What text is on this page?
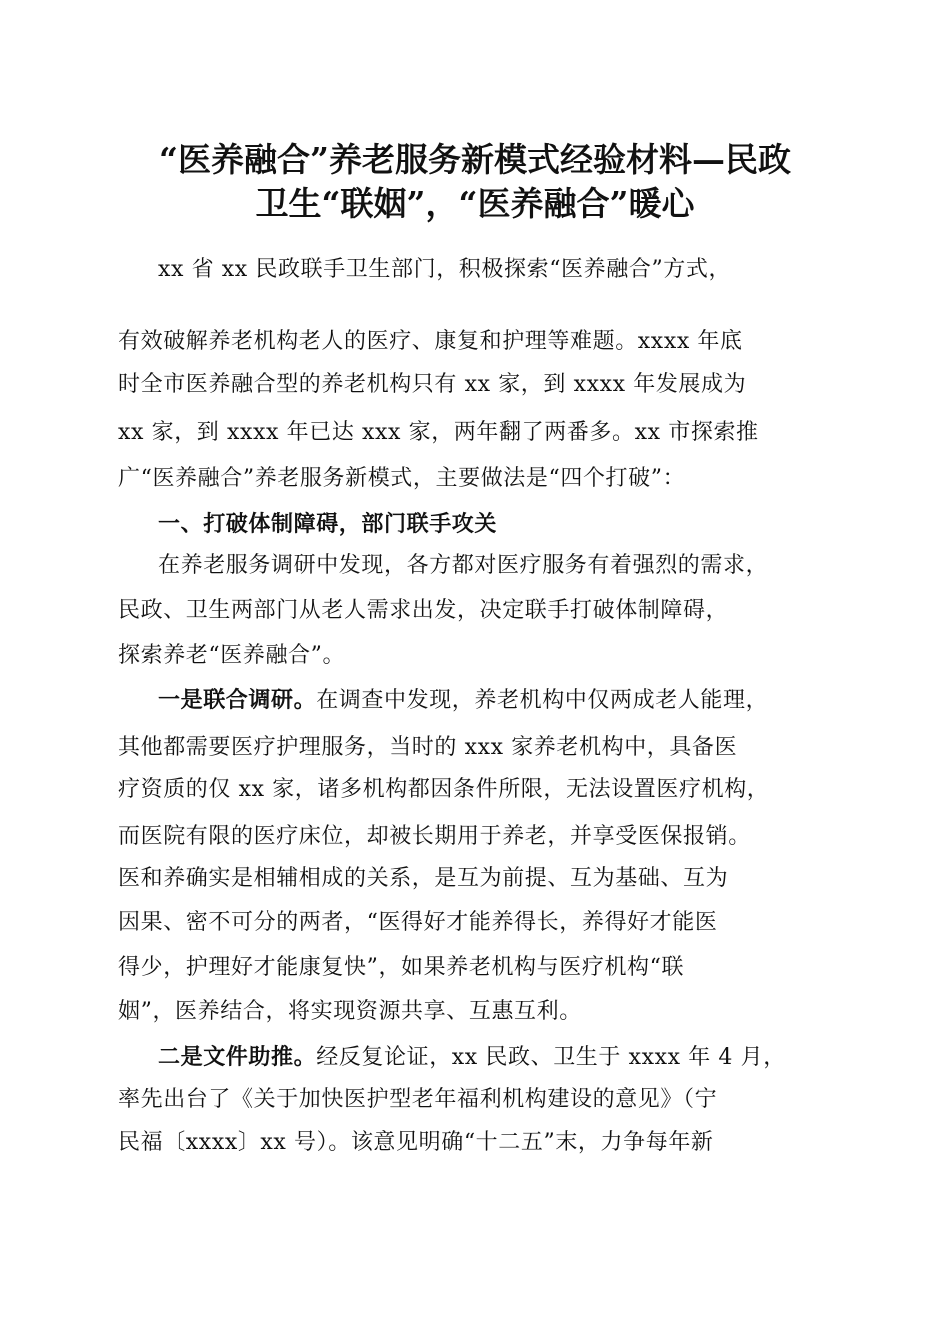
“医养融合”养老服务新模式经验材料—民政
卫生“联姻”，“医养融合”暖心
xx 省 xx 民政联手卫生部门，积极探索“医养融合”方式，
有效破解养老机构老人的医疗、康复和护理等难题。xxxx 年底
时全市医养融合型的养老机构只有 xx 家，到 xxxx 年发展成为
xx 家，到 xxxx 年已达 xxx 家，两年翻了两番多。xx 市探索推
广“医养融合”养老服务新模式，主要做法是“四个打破”：
一、打破体制障碍，部门联手攻关
在养老服务调研中发现，各方都对医疗服务有着强烈的需求，
民政、卫生两部门从老人需求出发，决定联手打破体制障碍，
探索养老“医养融合”。
一是联合调研。在调查中发现，养老机构中仅两成老人能理，
其他都需要医疗护理服务，当时的 xxx 家养老机构中，具备医
疗资质的仅 xx 家，诸多机构都因条件所限，无法设置医疗机构，
而医院有限的医疗床位，却被长期用于养老，并享受医保报销。
医和养确实是相辅相成的关系，是互为前提、互为基础、互为
因果、密不可分的两者，“医得好才能养得长，养得好才能医
得少，护理好才能康复快”，如果养老机构与医疗机构“联
姻”，医养结合，将实现资源共享、互惠互利。
二是文件助推。经反复论证，xx 民政、卫生于 xxxx 年 4 月，
率先出台了《关于加快医护型老年福利机构建设的意见》（宁
民福〔xxxx〕xx 号）。该意见明确“十二五”末，力争每年新
